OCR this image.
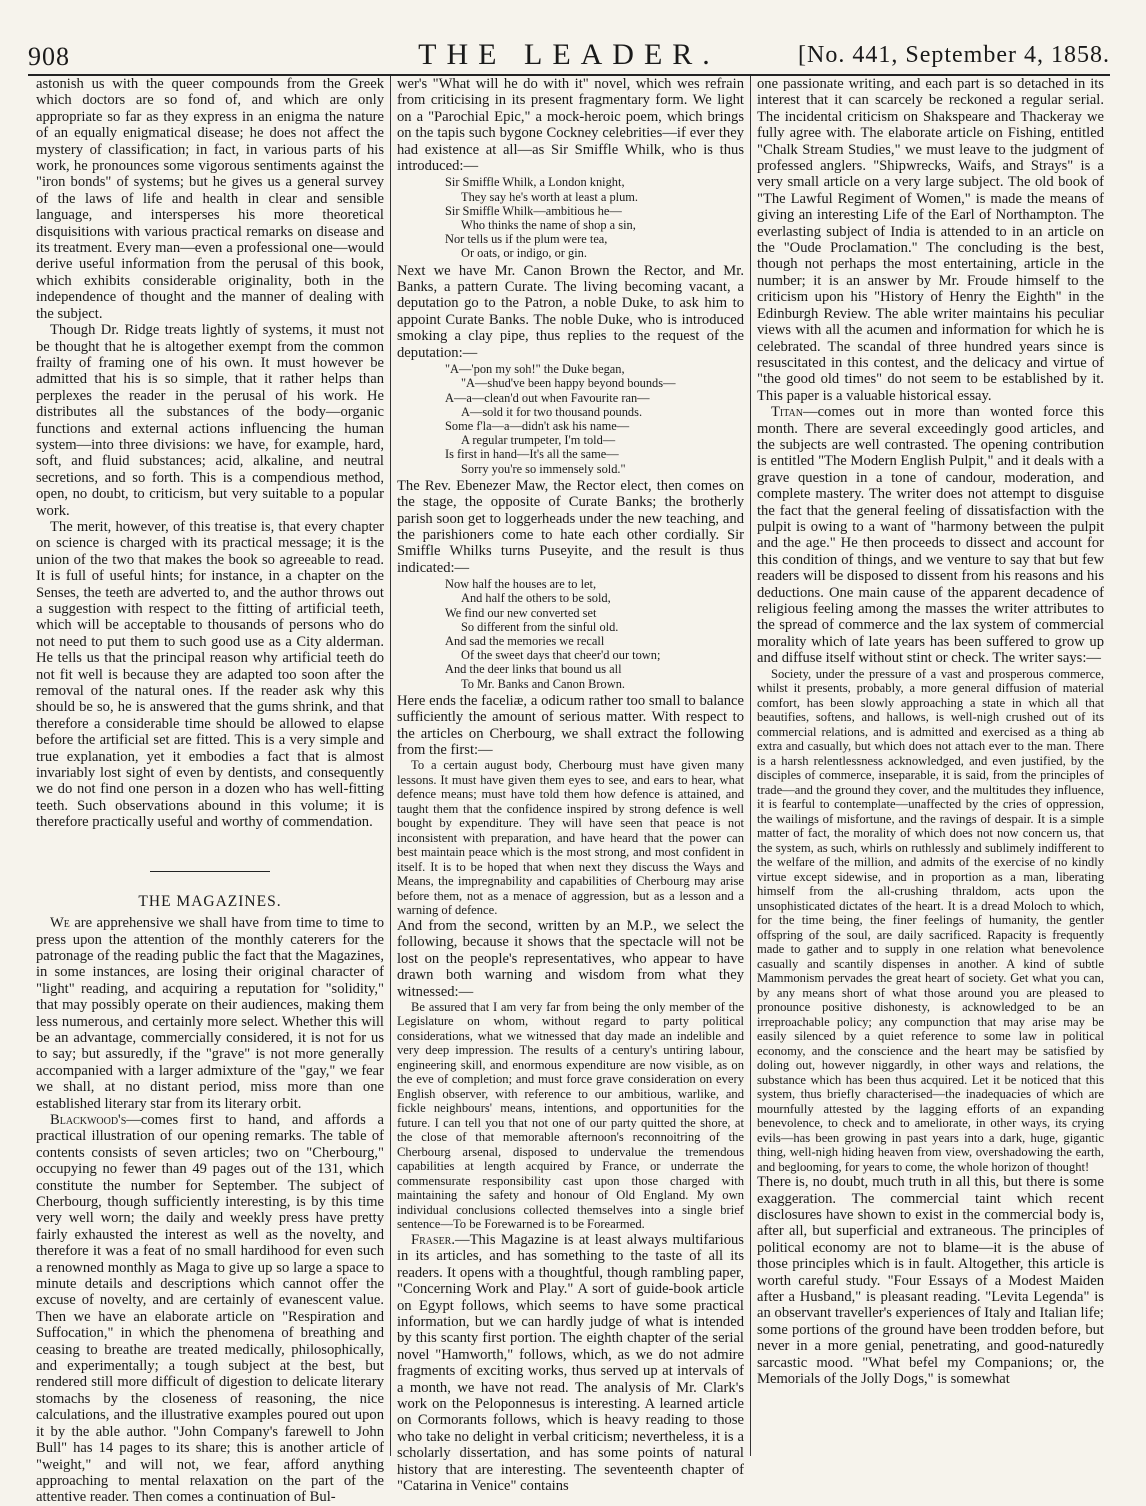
908	THE LEADER.	[No. 441, September 4, 1858.

astonish us with the queer compounds from the Greek which doctors are so fond of, and which are only appropriate so far as they express in an enigma the nature of an equally enigmatical disease; he does not affect the mystery of classification; in fact, in various parts of his work, he pronounces some vigorous sentiments against the "iron bonds" of systems; but he gives us a general survey of the laws of life and health in clear and sensible language, and intersperses his more theoretical disquisitions with various practical remarks on disease and its treatment. Every man—even a professional one—would derive useful information from the perusal of this book, which exhibits considerable originality, both in the independence of thought and the manner of dealing with the subject.

Though Dr. Ridge treats lightly of systems, it must not be thought that he is altogether exempt from the common frailty of framing one of his own. It must however be admitted that his is so simple, that it rather helps than perplexes the reader in the perusal of his work. He distributes all the substances of the body—organic functions and external actions influencing the human system—into three divisions: we have, for example, hard, soft, and fluid substances; acid, alkaline, and neutral secretions, and so forth. This is a compendious method, open, no doubt, to criticism, but very suitable to a popular work.

The merit, however, of this treatise is, that every chapter on science is charged with its practical message; it is the union of the two that makes the book so agreeable to read. It is full of useful hints; for instance, in a chapter on the Senses, the teeth are adverted to, and the author throws out a suggestion with respect to the fitting of artificial teeth, which will be acceptable to thousands of persons who do not need to put them to such good use as a City alderman. He tells us that the principal reason why artificial teeth do not fit well is because they are adapted too soon after the removal of the natural ones. If the reader ask why this should be so, he is answered that the gums shrink, and that therefore a considerable time should be allowed to elapse before the artificial set are fitted. This is a very simple and true explanation, yet it embodies a fact that is almost invariably lost sight of even by dentists, and consequently we do not find one person in a dozen who has well-fitting teeth. Such observations abound in this volume; it is therefore practically useful and worthy of commendation.

THE MAGAZINES.

We are apprehensive we shall have from time to time to press upon the attention of the monthly caterers for the patronage of the reading public the fact that the Magazines, in some instances, are losing their original character of "light" reading, and acquiring a reputation for "solidity," that may possibly operate on their audiences, making them less numerous, and certainly more select. Whether this will be an advantage, commercially considered, it is not for us to say; but assuredly, if the "grave" is not more generally accompanied with a larger admixture of the "gay," we fear we shall, at no distant period, miss more than one established literary star from its literary orbit.

Blackwood's—comes first to hand, and affords a practical illustration of our opening remarks. The table of contents consists of seven articles; two on "Cherbourg," occupying no fewer than 49 pages out of the 131, which constitute the number for September. The subject of Cherbourg, though sufficiently interesting, is by this time very well worn; the daily and weekly press have pretty fairly exhausted the interest as well as the novelty, and therefore it was a feat of no small hardihood for even such a renowned monthly as Maga to give up so large a space to minute details and descriptions which cannot offer the excuse of novelty, and are certainly of evanescent value. Then we have an elaborate article on "Respiration and Suffocation," in which the phenomena of breathing and ceasing to breathe are treated medically, philosophically, and experimentally; a tough subject at the best, but rendered still more difficult of digestion to delicate literary stomachs by the closeness of reasoning, the nice calculations, and the illustrative examples poured out upon it by the able author. "John Company's farewell to John Bull" has 14 pages to its share; this is another article of "weight," and will not, we fear, afford anything approaching to mental relaxation on the part of the attentive reader. Then comes a continuation of Bul-

wer's "What will he do with it" novel, which wes refrain from criticising in its present fragmentary form. We light on a "Parochial Epic," a mock-heroic poem, which brings on the tapis such bygone Cockney celebrities—if ever they had existence at all—as Sir Smiffle Whilk, who is thus introduced:—

Sir Smiffle Whilk, a London knight,
They say he's worth at least a plum.
Sir Smiffle Whilk—ambitious he—
Who thinks the name of shop a sin,
Nor tells us if the plum were tea,
Or oats, or indigo, or gin.

Next we have Mr. Canon Brown the Rector, and Mr. Banks, a pattern Curate. The living becoming vacant, a deputation go to the Patron, a noble Duke, to ask him to appoint Curate Banks. The noble Duke, who is introduced smoking a clay pipe, thus replies to the request of the deputation:—

"A—'pon my soh!" the Duke began,
"A—shud've been happy beyond bounds—
A—a—clean'd out when Favourite ran—
A—sold it for two thousand pounds.
Some f'la—a—didn't ask his name—
A regular trumpeter, I'm told—
Is first in hand—It's all the same—
Sorry you're so immensely sold."

The Rev. Ebenezer Maw, the Rector elect, then comes on the stage, the opposite of Curate Banks; the brotherly parish soon get to loggerheads under the new teaching, and the parishioners come to hate each other cordially. Sir Smiffle Whilks turns Puseyite, and the result is thus indicated:—

Now half the houses are to let,
And half the others to be sold,
We find our new converted set
So different from the sinful old.
And sad the memories we recall
Of the sweet days that cheer'd our town;
And the deer links that bound us all
To Mr. Banks and Canon Brown.

Here ends the faceliæ, a odicum rather too small to balance sufficiently the amount of serious matter. With respect to the articles on Cherbourg, we shall extract the following from the first:—

To a certain august body, Cherbourg must have given many lessons. It must have given them eyes to see, and ears to hear, what defence means; must have told them how defence is attained, and taught them that the confidence inspired by strong defence is well bought by expenditure. They will have seen that peace is not inconsistent with preparation, and have heard that the power can best maintain peace which is the most strong, and most confident in itself. It is to be hoped that when next they discuss the Ways and Means, the impregnability and capabilities of Cherbourg may arise before them, not as a menace of aggression, but as a lesson and a warning of defence.

And from the second, written by an M.P., we select the following, because it shows that the spectacle will not be lost on the people's representatives, who appear to have drawn both warning and wisdom from what they witnessed:—

Be assured that I am very far from being the only member of the Legislature on whom, without regard to party political considerations, what we witnessed that day made an indelible and very deep impression. The results of a century's untiring labour, engineering skill, and enormous expenditure are now visible, as on the eve of completion; and must force grave consideration on every English observer, with reference to our ambitious, warlike, and fickle neighbours' means, intentions, and opportunities for the future. I can tell you that not one of our party quitted the shore, at the close of that memorable afternoon's reconnoitring of the Cherbourg arsenal, disposed to undervalue the tremendous capabilities at length acquired by France, or underrate the commensurate responsibility cast upon those charged with maintaining the safety and honour of Old England. My own individual conclusions collected themselves into a single brief sentence—To be Forewarned is to be Forearmed.

Fraser.—This Magazine is at least always multifarious in its articles, and has something to the taste of all its readers. It opens with a thoughtful, though rambling paper, "Concerning Work and Play." A sort of guide-book article on Egypt follows, which seems to have some practical information, but we can hardly judge of what is intended by this scanty first portion. The eighth chapter of the serial novel "Hamworth," follows, which, as we do not admire fragments of exciting works, thus served up at intervals of a month, we have not read. The analysis of Mr. Clark's work on the Peloponnesus is interesting. A learned article on Cormorants follows, which is heavy reading to those who take no delight in verbal criticism; nevertheless, it is a scholarly dissertation, and has some points of natural history that are interesting. The seventeenth chapter of "Catarina in Venice" contains

one passionate writing, and each part is so detached in its interest that it can scarcely be reckoned a regular serial. The incidental criticism on Shakspeare and Thackeray we fully agree with. The elaborate article on Fishing, entitled "Chalk Stream Studies," we must leave to the judgment of professed anglers. "Shipwrecks, Waifs, and Strays" is a very small article on a very large subject. The old book of "The Lawful Regiment of Women," is made the means of giving an interesting Life of the Earl of Northampton. The everlasting subject of India is attended to in an article on the "Oude Proclamation." The concluding is the best, though not perhaps the most entertaining, article in the number; it is an answer by Mr. Froude himself to the criticism upon his "History of Henry the Eighth" in the Edinburgh Review. The able writer maintains his peculiar views with all the acumen and information for which he is celebrated. The scandal of three hundred years since is resuscitated in this contest, and the delicacy and virtue of "the good old times" do not seem to be established by it. This paper is a valuable historical essay.

Titan—comes out in more than wonted force this month. There are several exceedingly good articles, and the subjects are well contrasted. The opening contribution is entitled "The Modern English Pulpit," and it deals with a grave question in a tone of candour, moderation, and complete mastery. The writer does not attempt to disguise the fact that the general feeling of dissatisfaction with the pulpit is owing to a want of "harmony between the pulpit and the age." He then proceeds to dissect and account for this condition of things, and we venture to say that but few readers will be disposed to dissent from his reasons and his deductions. One main cause of the apparent decadence of religious feeling among the masses the writer attributes to the spread of commerce and the lax system of commercial morality which of late years has been suffered to grow up and diffuse itself without stint or check. The writer says:—

Society, under the pressure of a vast and prosperous commerce, whilst it presents, probably, a more general diffusion of material comfort, has been slowly approaching a state in which all that beautifies, softens, and hallows, is well-nigh crushed out of its commercial relations, and is admitted and exercised as a thing ab extra and casually, but which does not attach ever to the man. There is a harsh relentlessness acknowledged, and even justified, by the disciples of commerce, inseparable, it is said, from the principles of trade—and the ground they cover, and the multitudes they influence, it is fearful to contemplate—unaffected by the cries of oppression, the wailings of misfortune, and the ravings of despair. It is a simple matter of fact, the morality of which does not now concern us, that the system, as such, whirls on ruthlessly and sublimely indifferent to the welfare of the million, and admits of the exercise of no kindly virtue except sidewise, and in proportion as a man, liberating himself from the all-crushing thraldom, acts upon the unsophisticated dictates of the heart. It is a dread Moloch to which, for the time being, the finer feelings of humanity, the gentler offspring of the soul, are daily sacrificed. Rapacity is frequently made to gather and to supply in one relation what benevolence casually and scantily dispenses in another. A kind of subtle Mammonism pervades the great heart of society. Get what you can, by any means short of what those around you are pleased to pronounce positive dishonesty, is acknowledged to be an irreproachable policy; any compunction that may arise may be easily silenced by a quiet reference to some law in political economy, and the conscience and the heart may be satisfied by doling out, however niggardly, in other ways and relations, the substance which has been thus acquired. Let it be noticed that this system, thus briefly characterised—the inadequacies of which are mournfully attested by the lagging efforts of an expanding benevolence, to check and to ameliorate, in other ways, its crying evils—has been growing in past years into a dark, huge, gigantic thing, well-nigh hiding heaven from view, overshadowing the earth, and beglooming, for years to come, the whole horizon of thought!

There is, no doubt, much truth in all this, but there is some exaggeration. The commercial taint which recent disclosures have shown to exist in the commercial body is, after all, but superficial and extraneous. The principles of political economy are not to blame—it is the abuse of those principles which is in fault. Altogether, this article is worth careful study. "Four Essays of a Modest Maiden after a Husband," is pleasant reading. "Levita Legenda" is an observant traveller's experiences of Italy and Italian life; some portions of the ground have been trodden before, but never in a more genial, penetrating, and good-naturedly sarcastic mood. "What befel my Companions; or, the Memorials of the Jolly Dogs," is somewhat
